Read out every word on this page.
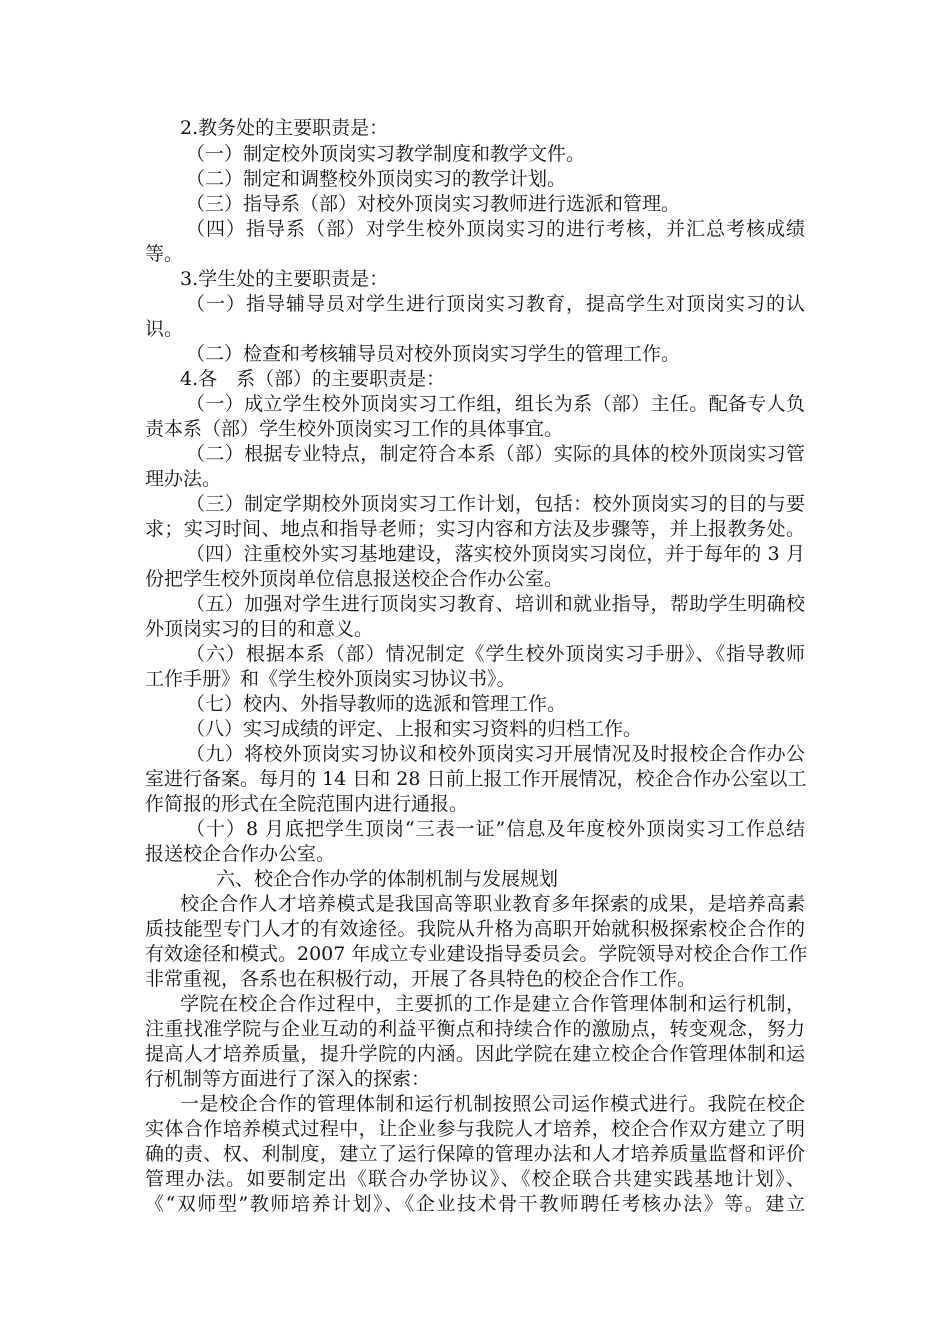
2.教务处的主要职责是：

（一）制定校外顶岗实习教学制度和教学文件。

（二）制定和调整校外顶岗实习的教学计划。

（三）指导系（部）对校外顶岗实习教师进行选派和管理。

（四）指导系（部）对学生校外顶岗实习的进行考核，并汇总考核成绩

等。

3.学生处的主要职责是：

（一）指导辅导员对学生进行顶岗实习教育，提高学生对顶岗实习的认

识。

（二）检查和考核辅导员对校外顶岗实习学生的管理工作。

4.各　系（部）的主要职责是：

（一）成立学生校外顶岗实习工作组，组长为系（部）主任。配备专人负

责本系（部）学生校外顶岗实习工作的具体事宜。

（二）根据专业特点，制定符合本系（部）实际的具体的校外顶岗实习管

理办法。

（三）制定学期校外顶岗实习工作计划，包括：校外顶岗实习的目的与要

求；实习时间、地点和指导老师；实习内容和方法及步骤等，并上报教务处。

（四）注重校外实习基地建设，落实校外顶岗实习岗位，并于每年的 3 月

份把学生校外顶岗单位信息报送校企合作办公室。

（五）加强对学生进行顶岗实习教育、培训和就业指导，帮助学生明确校

外顶岗实习的目的和意义。

（六）根据本系（部）情况制定《学生校外顶岗实习手册》、《指导教师

工作手册》和《学生校外顶岗实习协议书》。

（七）校内、外指导教师的选派和管理工作。

（八）实习成绩的评定、上报和实习资料的归档工作。

（九）将校外顶岗实习协议和校外顶岗实习开展情况及时报校企合作办公

室进行备案。每月的 14 日和 28 日前上报工作开展情况，校企合作办公室以工

作简报的形式在全院范围内进行通报。

（十）8 月底把学生顶岗“三表一证”信息及年度校外顶岗实习工作总结

报送校企合作办公室。

六、校企合作办学的体制机制与发展规划

校企合作人才培养模式是我国高等职业教育多年探索的成果，是培养高素

质技能型专门人才的有效途径。我院从升格为高职开始就积极探索校企合作的

有效途径和模式。2007 年成立专业建设指导委员会。学院领导对校企合作工作

非常重视，各系也在积极行动，开展了各具特色的校企合作工作。

学院在校企合作过程中，主要抓的工作是建立合作管理体制和运行机制，

注重找准学院与企业互动的利益平衡点和持续合作的激励点，转变观念，努力

提高人才培养质量，提升学院的内涵。因此学院在建立校企合作管理体制和运

行机制等方面进行了深入的探索：

一是校企合作的管理体制和运行机制按照公司运作模式进行。我院在校企

实体合作培养模式过程中，让企业参与我院人才培养，校企合作双方建立了明

确的责、权、利制度，建立了运行保障的管理办法和人才培养质量监督和评价

管理办法。如要制定出《联合办学协议》、《校企联合共建实践基地计划》、

《“双师型”教师培养计划》、《企业技术骨干教师聘任考核办法》等。建立
